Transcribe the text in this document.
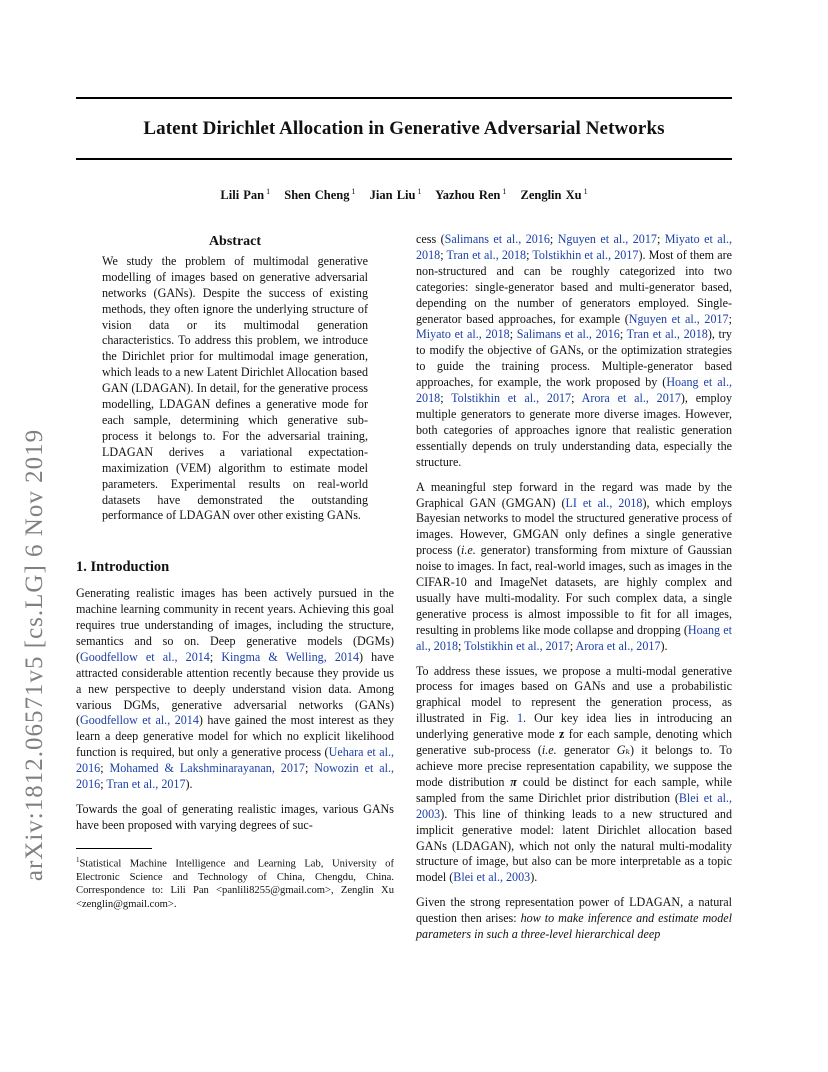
Latent Dirichlet Allocation in Generative Adversarial Networks
Lili Pan $^1$ Shen Cheng $^1$ Jian Liu $^1$ Yazhou Ren $^1$ Zenglin Xu $^1$
arXiv:1812.06571v5 [cs.LG] 6 Nov 2019
Abstract
We study the problem of multimodal generative modelling of images based on generative adversarial networks (GANs). Despite the success of existing methods, they often ignore the underlying structure of vision data or its multimodal generation characteristics. To address this problem, we introduce the Dirichlet prior for multimodal image generation, which leads to a new Latent Dirichlet Allocation based GAN (LDAGAN). In detail, for the generative process modelling, LDAGAN defines a generative mode for each sample, determining which generative sub-process it belongs to. For the adversarial training, LDAGAN derives a variational expectation-maximization (VEM) algorithm to estimate model parameters. Experimental results on real-world datasets have demonstrated the outstanding performance of LDAGAN over other existing GANs.
1. Introduction

Generating realistic images has been actively pursued in the machine learning community in recent years. Achieving this goal requires true understanding of images, including the structure, semantics and so on. Deep generative models (DGMs) (Goodfellow et al., 2014; Kingma & Welling, 2014) have attracted considerable attention recently because they provide us a new perspective to deeply understand vision data. Among various DGMs, generative adversarial networks (GANs) (Goodfellow et al., 2014) have gained the most interest as they learn a deep generative model for which no explicit likelihood function is required, but only a generative process (Uehara et al., 2016; Mohamed & Lakshminarayanan, 2017; Nowozin et al., 2016; Tran et al., 2017).

Towards the goal of generating realistic images, various GANs have been proposed with varying degrees of suc-

$^1$Statistical Machine Intelligence and Learning Lab, University of Electronic Science and Technology of China, Chengdu, China. Correspondence to: Lili Pan <panlili8255@gmail.com>, Zenglin Xu <zenglin@gmail.com>.

cess (Salimans et al., 2016; Nguyen et al., 2017; Miyato et al., 2018; Tran et al., 2018; Tolstikhin et al., 2017). Most of them are non-structured and can be roughly categorized into two categories: single-generator based and multi-generator based, depending on the number of generators employed. Single-generator based approaches, for example (Nguyen et al., 2017; Miyato et al., 2018; Salimans et al., 2016; Tran et al., 2018), try to modify the objective of GANs, or the optimization strategies to guide the training process. Multiple-generator based approaches, for example, the work proposed by (Hoang et al., 2018; Tolstikhin et al., 2017; Arora et al., 2017), employ multiple generators to generate more diverse images. However, both categories of approaches ignore that realistic generation essentially depends on truly understanding data, especially the structure.

A meaningful step forward in the regard was made by the Graphical GAN (GMGAN) (LI et al., 2018), which employs Bayesian networks to model the structured generative process of images. However, GMGAN only defines a single generative process (i.e. generator) transforming from mixture of Gaussian noise to images. In fact, real-world images, such as images in the CIFAR-10 and ImageNet datasets, are highly complex and usually have multi-modality. For such complex data, a single generative process is almost impossible to fit for all images, resulting in problems like mode collapse and dropping (Hoang et al., 2018; Tolstikhin et al., 2017; Arora et al., 2017).

To address these issues, we propose a multi-modal generative process for images based on GANs and use a probabilistic graphical model to represent the generation process, as illustrated in Fig. 1. Our key idea lies in introducing an underlying generative mode z for each sample, denoting which generative sub-process (i.e. generator Gₖ) it belongs to. To achieve more precise representation capability, we suppose the mode distribution π could be distinct for each sample, while sampled from the same Dirichlet prior distribution (Blei et al., 2003). This line of thinking leads to a new structured and implicit generative model: latent Dirichlet allocation based GANs (LDAGAN), which not only the natural multi-modality structure of image, but also can be more interpretable as a topic model (Blei et al., 2003).

Given the strong representation power of LDAGAN, a natural question then arises: how to make inference and estimate model parameters in such a three-level hierarchical deep
